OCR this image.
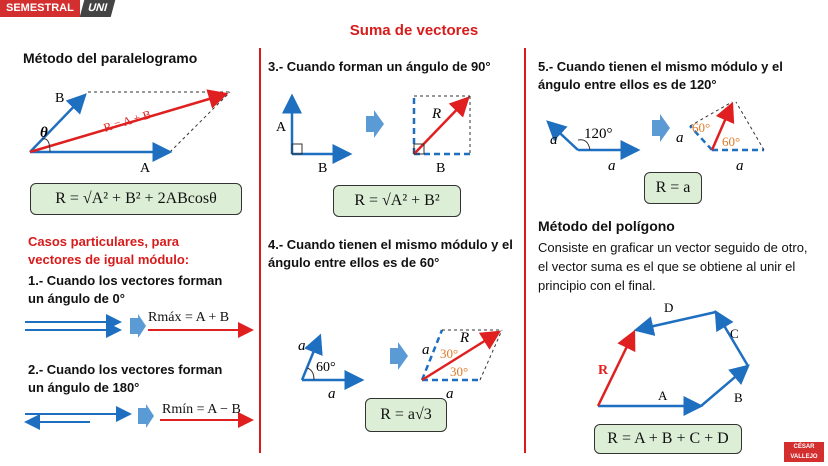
SEMESTRAL	UNI
Suma de vectores
Método del paralelogramo
θ
B
A
R = A + B
R = √A² + B² + 2ABcosθ
Casos particulares, para vectores de igual módulo:
1.- Cuando los vectores forman un ángulo de 0°
Rmáx = A + B
2.- Cuando los vectores forman un ángulo de 180°
Rmín = A − B
3.- Cuando forman un ángulo de 90°
A
B	B
R
R = √A² + B²
4.- Cuando tienen el mismo módulo y el ángulo entre ellos es de 60°
a
60°
a
a 30°
30°
R
a
R = a√3
5.- Cuando tienen el mismo módulo y el ángulo entre ellos es de 120°
a 120°
a
a
60°
60°
a
R = a
Método del polígono
Consiste en graficar un vector seguido de otro, el vector suma es el que se obtiene al unir el principio con el final.
A	B
C
D
R
R = A + B + C + D	CÉSAR
VALLEJO
